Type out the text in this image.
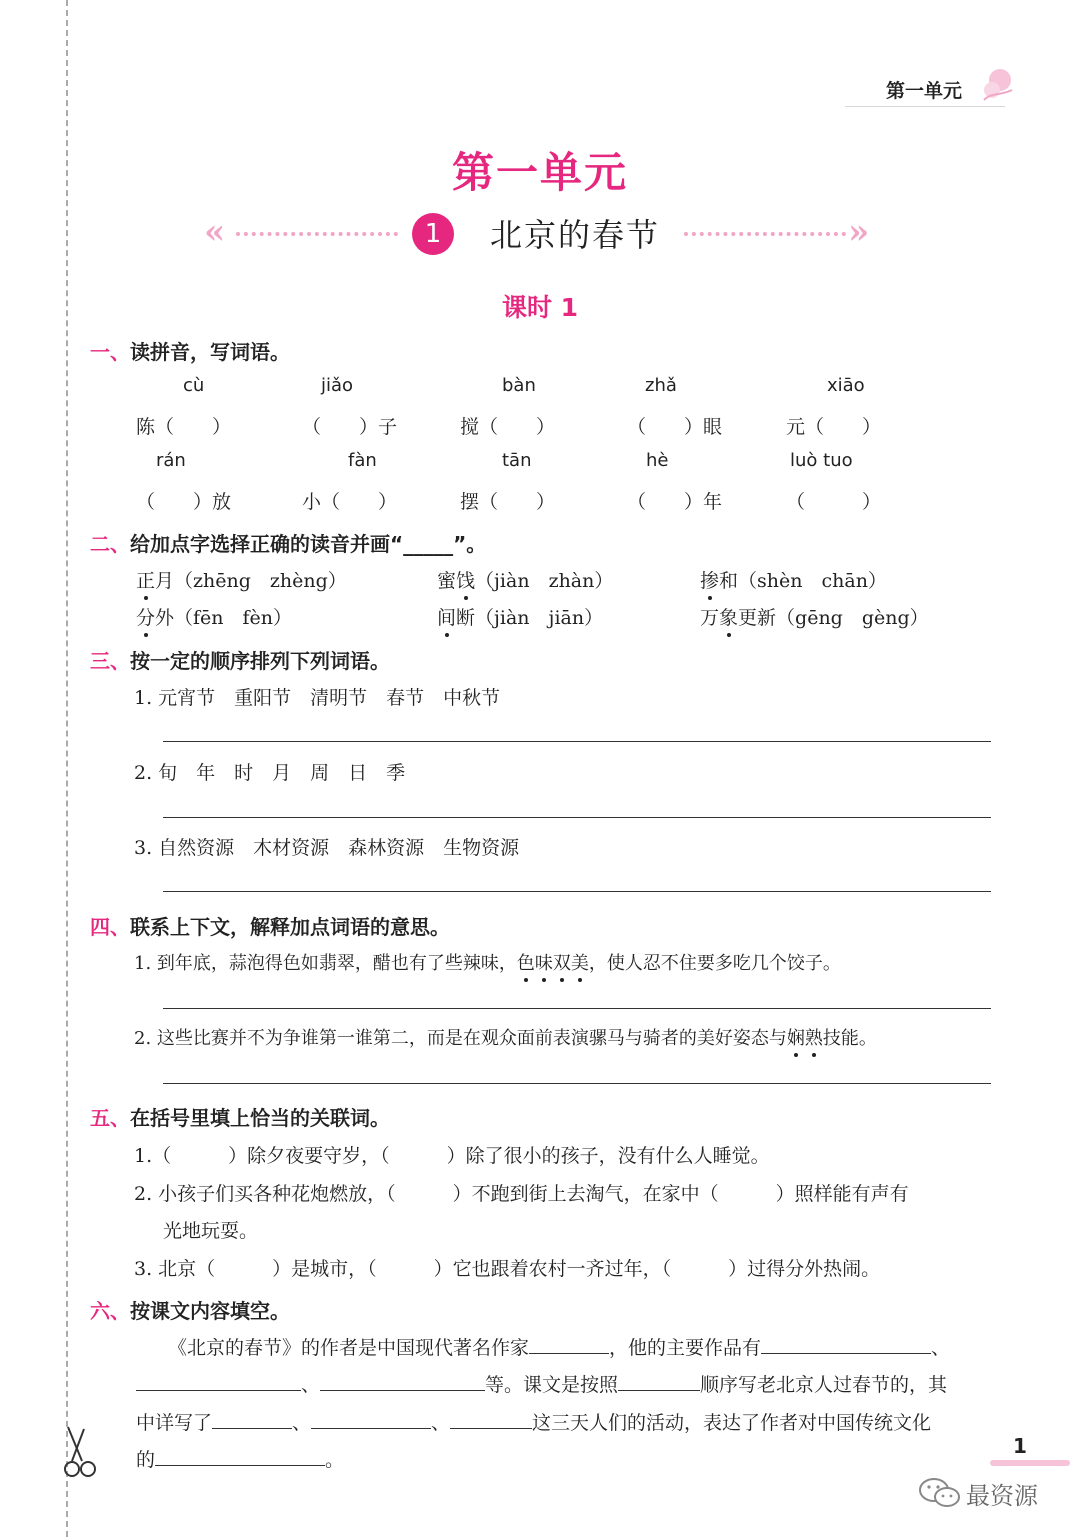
第一单元
第一单元
«	1	北京的春节	»
课时 1
一、读拼音，写词语。
cù	jiǎo	bàn	zhǎ	xiāo
陈（　　）	（　　）子	搅（　　）	（　　）眼	元（　　）
rán	fàn	tān	hè	luò tuo
（　　）放	小（　　）	摆（　　）	（　　）年	（　　　）
二、给加点字选择正确的读音并画“_____”。
正月（zhēng　zhèng）	蜜饯（jiàn　zhàn）	掺和（shèn　chān）
分外（fēn　fèn）	间断（jiàn　jiān）	万象更新（gēng　gèng）
三、按一定的顺序排列下列词语。
1. 元宵节　重阳节　清明节　春节　中秋节
2. 旬　年　时　月　周　日　季
3. 自然资源　木材资源　森林资源　生物资源
四、联系上下文，解释加点词语的意思。
1. 到年底，蒜泡得色如翡翠，醋也有了些辣味，色味双美，使人忍不住要多吃几个饺子。
2. 这些比赛并不为争谁第一谁第二，而是在观众面前表演骡马与骑者的美好姿态与娴熟技能。
五、在括号里填上恰当的关联词。
1.（　　　）除夕夜要守岁，（　　　）除了很小的孩子，没有什么人睡觉。
2. 小孩子们买各种花炮燃放，（　　　）不跑到街上去淘气，在家中（　　　）照样能有声有
光地玩耍。
3. 北京（　　　）是城市，（　　　）它也跟着农村一齐过年，（　　　）过得分外热闹。
六、按课文内容填空。
《北京的春节》的作者是中国现代著名作家	，他的主要作品有	、
、	等。课文是按照	顺序写老北京人过春节的，其
中详写了	、	、	这三天人们的活动，表达了作者对中国传统文化
的	。
1
最资源
